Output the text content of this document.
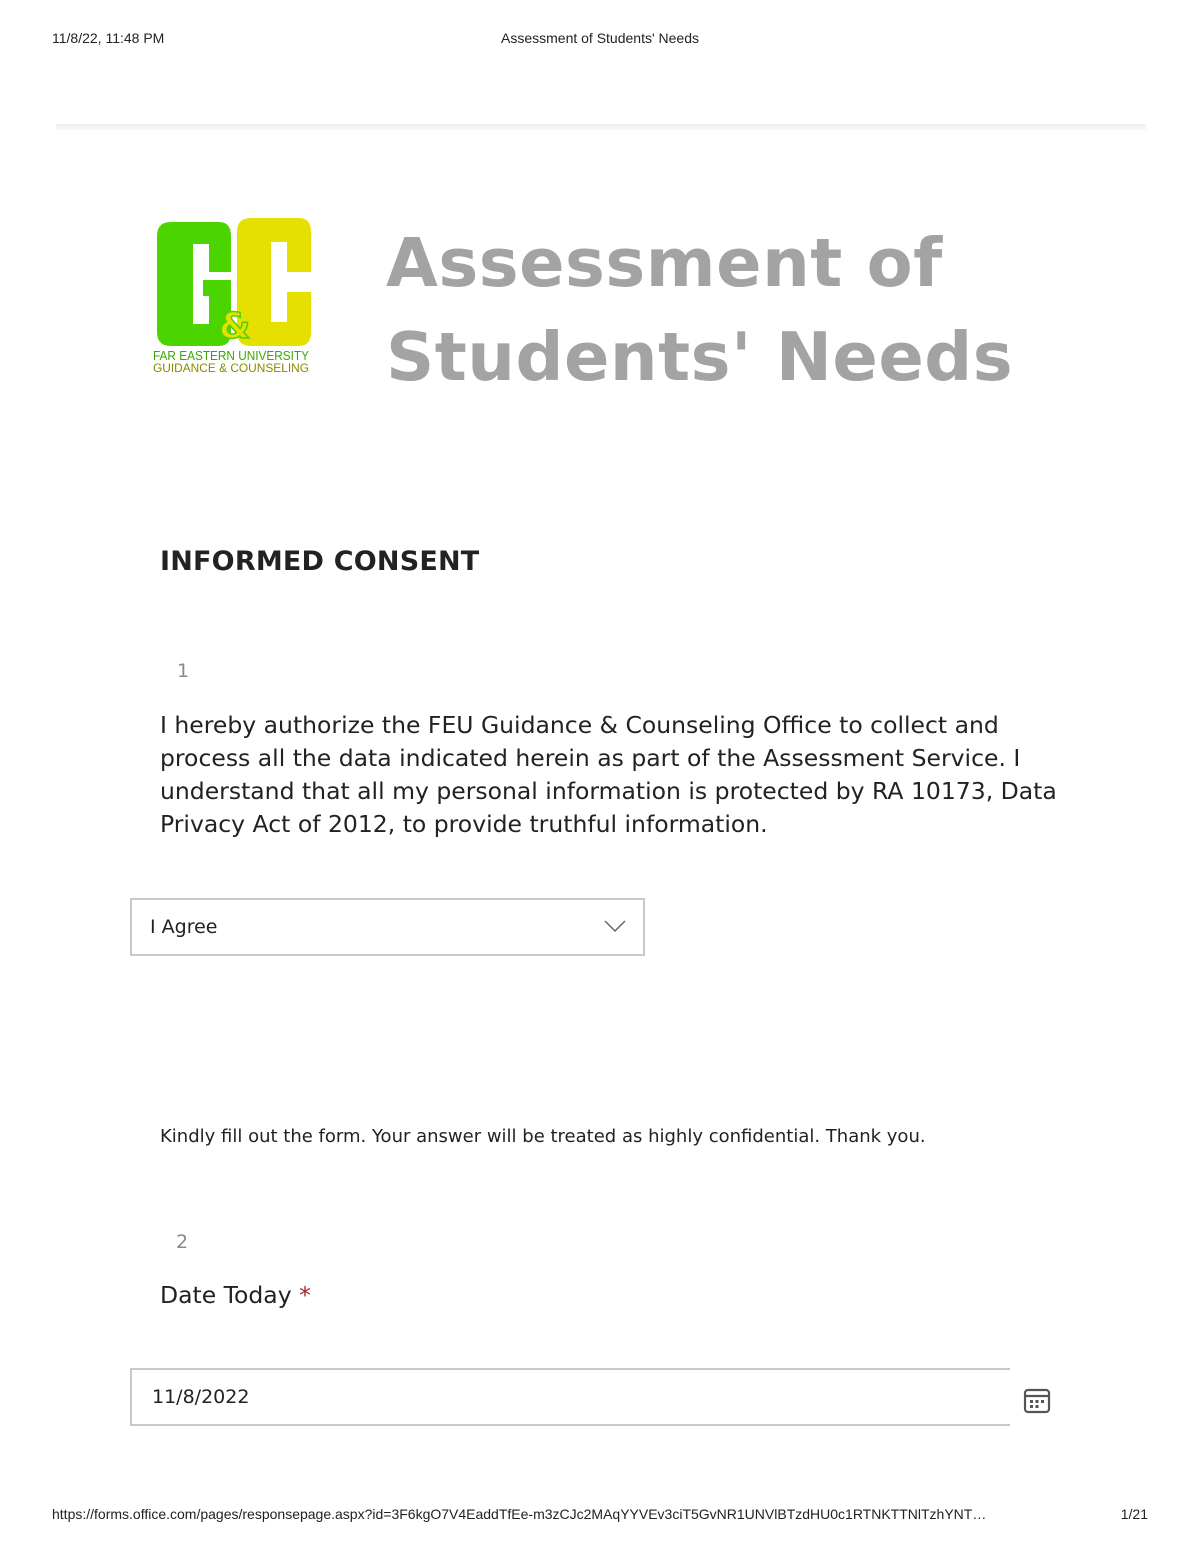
11/8/22, 11:48 PM	Assessment of Students' Needs
&
FAR EASTERN UNIVERSITY
GUIDANCE & COUNSELING
Assessment of
Students' Needs
INFORMED CONSENT
1
I hereby authorize the FEU Guidance & Counseling Office to collect and process all the data indicated herein as part of the Assessment Service. I understand that all my personal information is protected by RA 10173, Data Privacy Act of 2012, to provide truthful information.
I Agree
Kindly fill out the form. Your answer will be treated as highly confidential. Thank you.
2
Date Today *
11/8/2022
https://forms.office.com/pages/responsepage.aspx?id=3F6kgO7V4EaddTfEe-m3zCJc2MAqYYVEv3ciT5GvNR1UNVlBTzdHU0c1RTNKTTNlTzhYNT…	1/21
